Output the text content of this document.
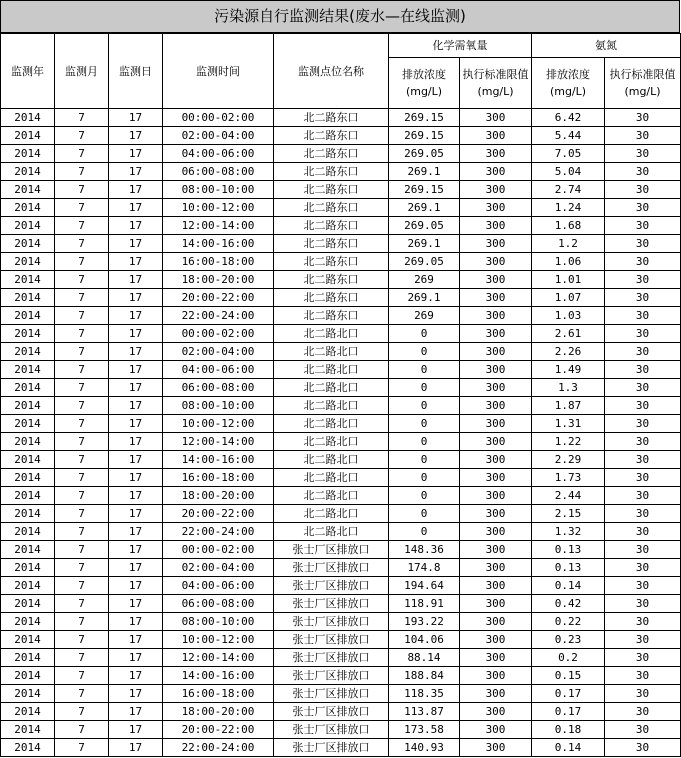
污染源自行监测结果(废水—在线监测)
监测年	监测月	监测日	监测时间	监测点位名称	化学需氧量		氨氮	
					排放浓度(mg/L)	执行标准限值(mg/L)	排放浓度(mg/L)	执行标准限值(mg/L)
2014	7	17	00:00-02:00	北二路东口	269.15	300	6.42	30
2014	7	17	02:00-04:00	北二路东口	269.15	300	5.44	30
2014	7	17	04:00-06:00	北二路东口	269.05	300	7.05	30
2014	7	17	06:00-08:00	北二路东口	269.1	300	5.04	30
2014	7	17	08:00-10:00	北二路东口	269.15	300	2.74	30
2014	7	17	10:00-12:00	北二路东口	269.1	300	1.24	30
2014	7	17	12:00-14:00	北二路东口	269.05	300	1.68	30
2014	7	17	14:00-16:00	北二路东口	269.1	300	1.2	30
2014	7	17	16:00-18:00	北二路东口	269.05	300	1.06	30
2014	7	17	18:00-20:00	北二路东口	269	300	1.01	30
2014	7	17	20:00-22:00	北二路东口	269.1	300	1.07	30
2014	7	17	22:00-24:00	北二路东口	269	300	1.03	30
2014	7	17	00:00-02:00	北二路北口	0	300	2.61	30
2014	7	17	02:00-04:00	北二路北口	0	300	2.26	30
2014	7	17	04:00-06:00	北二路北口	0	300	1.49	30
2014	7	17	06:00-08:00	北二路北口	0	300	1.3	30
2014	7	17	08:00-10:00	北二路北口	0	300	1.87	30
2014	7	17	10:00-12:00	北二路北口	0	300	1.31	30
2014	7	17	12:00-14:00	北二路北口	0	300	1.22	30
2014	7	17	14:00-16:00	北二路北口	0	300	2.29	30
2014	7	17	16:00-18:00	北二路北口	0	300	1.73	30
2014	7	17	18:00-20:00	北二路北口	0	300	2.44	30
2014	7	17	20:00-22:00	北二路北口	0	300	2.15	30
2014	7	17	22:00-24:00	北二路北口	0	300	1.32	30
2014	7	17	00:00-02:00	张士厂区排放口	148.36	300	0.13	30
2014	7	17	02:00-04:00	张士厂区排放口	174.8	300	0.13	30
2014	7	17	04:00-06:00	张士厂区排放口	194.64	300	0.14	30
2014	7	17	06:00-08:00	张士厂区排放口	118.91	300	0.42	30
2014	7	17	08:00-10:00	张士厂区排放口	193.22	300	0.22	30
2014	7	17	10:00-12:00	张士厂区排放口	104.06	300	0.23	30
2014	7	17	12:00-14:00	张士厂区排放口	88.14	300	0.2	30
2014	7	17	14:00-16:00	张士厂区排放口	188.84	300	0.15	30
2014	7	17	16:00-18:00	张士厂区排放口	118.35	300	0.17	30
2014	7	17	18:00-20:00	张士厂区排放口	113.87	300	0.17	30
2014	7	17	20:00-22:00	张士厂区排放口	173.58	300	0.18	30
2014	7	17	22:00-24:00	张士厂区排放口	140.93	300	0.14	30
